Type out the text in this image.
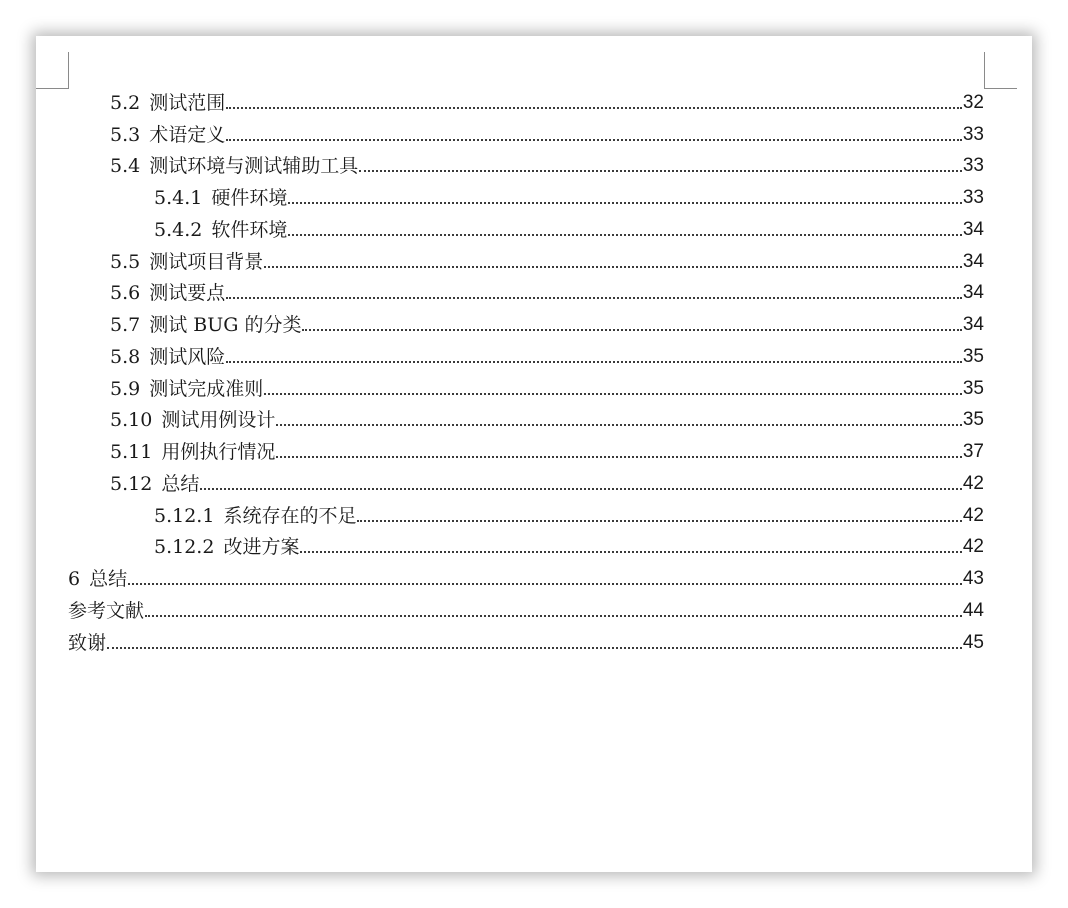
5.2 测试范围	32
5.3 术语定义	33
5.4 测试环境与测试辅助工具	33
5.4.1 硬件环境	33
5.4.2 软件环境	34
5.5 测试项目背景	34
5.6 测试要点	34
5.7 测试 BUG 的分类	34
5.8 测试风险	35
5.9 测试完成准则	35
5.10 测试用例设计	35
5.11 用例执行情况	37
5.12 总结	42
5.12.1 系统存在的不足	42
5.12.2 改进方案	42
6 总结	43
参考文献	44
致谢	45
